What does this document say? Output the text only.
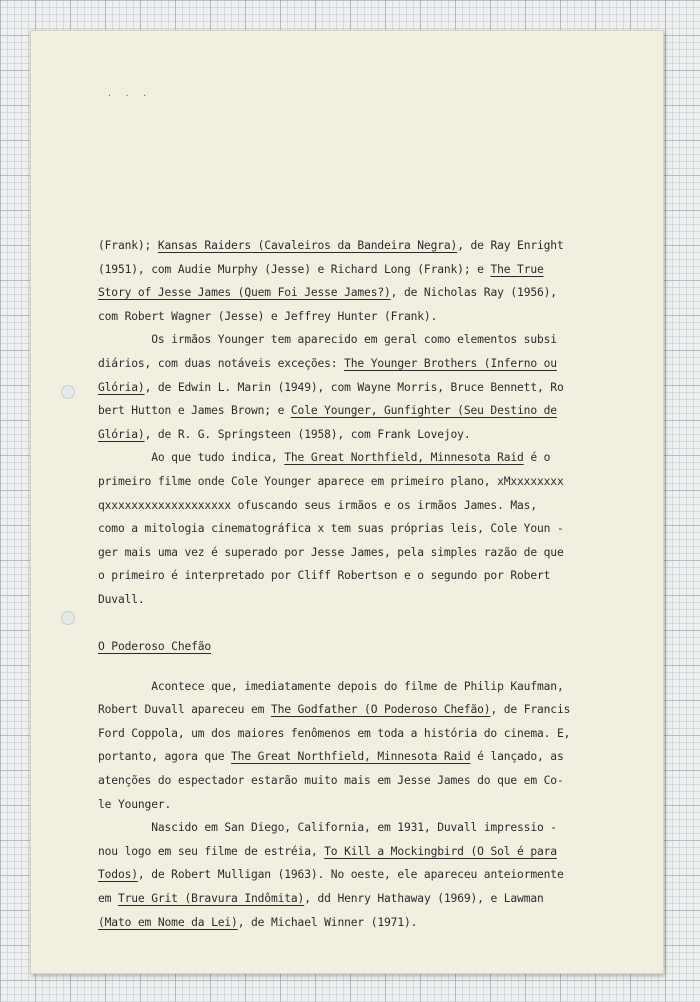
· · ·
(Frank); Kansas Raiders (Cavaleiros da Bandeira Negra), de Ray Enright
(1951), com Audie Murphy (Jesse) e Richard Long (Frank); e The True
Story of Jesse James (Quem Foi Jesse James?), de Nicholas Ray (1956),
com Robert Wagner (Jesse) e Jeffrey Hunter (Frank).
Os irmãos Younger tem aparecido em geral como elementos subsi
diários, com duas notáveis exceções: The Younger Brothers (Inferno ou
Glória), de Edwin L. Marin (1949), com Wayne Morris, Bruce Bennett, Ro
bert Hutton e James Brown; e Cole Younger, Gunfighter (Seu Destino de
Glória), de R. G. Springsteen (1958), com Frank Lovejoy.
Ao que tudo indica, The Great Northfield, Minnesota Raid é o
primeiro filme onde Cole Younger aparece em primeiro plano, xMxxxxxxxx
qxxxxxxxxxxxxxxxxxxx ofuscando seus irmãos e os irmãos James. Mas,
como a mitologia cinematográfica x tem suas próprias leis, Cole Youn -
ger mais uma vez é superado por Jesse James, pela simples razão de que
o primeiro é interpretado por Cliff Robertson e o segundo por Robert
Duvall.
O Poderoso Chefão
Acontece que, imediatamente depois do filme de Philip Kaufman,
Robert Duvall apareceu em The Godfather (O Poderoso Chefão), de Francis
Ford Coppola, um dos maiores fenômenos em toda a história do cinema. E,
portanto, agora que The Great Northfield, Minnesota Raid é lançado, as
atenções do espectador estarão muito mais em Jesse James do que em Co-
le Younger.
Nascido em San Diego, California, em 1931, Duvall impressio -
nou logo em seu filme de estréia, To Kill a Mockingbird (O Sol é para
Todos), de Robert Mulligan (1963). No oeste, ele apareceu anteiormente
em True Grit (Bravura Indômita), dd Henry Hathaway (1969), e Lawman
(Mato em Nome da Lei), de Michael Winner (1971).
